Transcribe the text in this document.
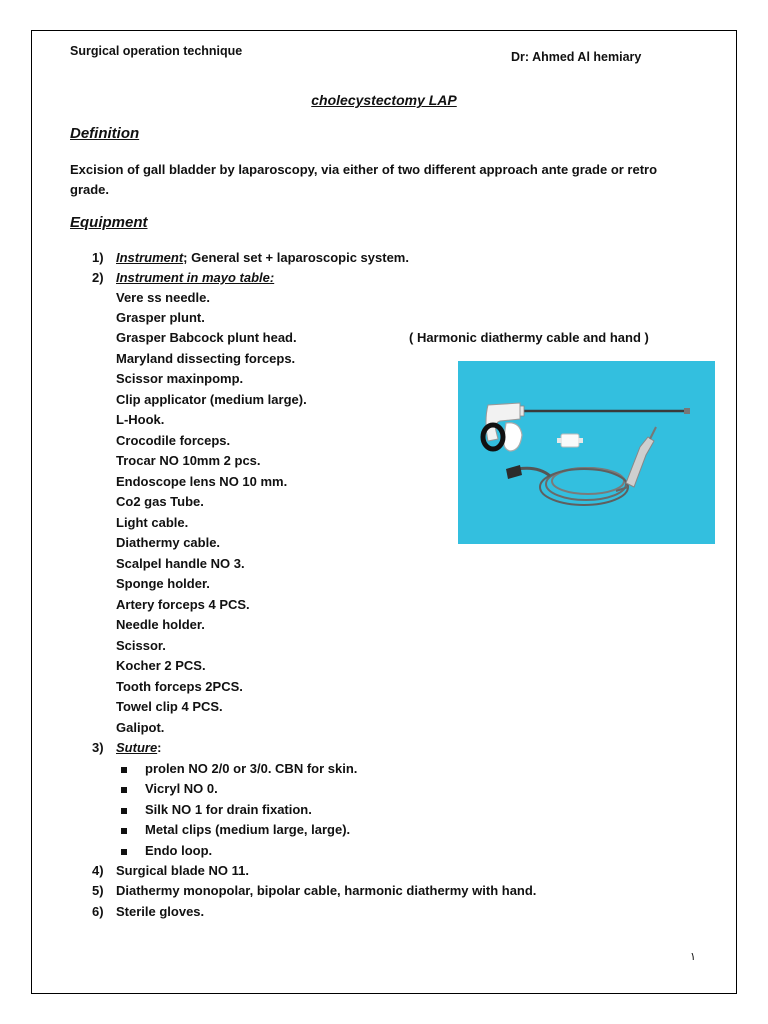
Surgical operation technique	Dr: Ahmed Al hemiary
cholecystectomy LAP
Definition
Excision of gall bladder by laparoscopy, via either of two different approach ante grade or retro grade.
Equipment
1) Instrument; General set + laparoscopic system.
2) Instrument in mayo table:
Vere ss needle.
Grasper plunt.
Grasper Babcock plunt head.
Maryland dissecting forceps.
Scissor maxinpomp.
Clip applicator (medium large).
L-Hook.
Crocodile forceps.
Trocar NO 10mm 2 pcs.
Endoscope lens NO 10 mm.
Co2 gas Tube.
Light cable.
Diathermy cable.
Scalpel handle NO 3.
Sponge holder.
Artery forceps 4 PCS.
Needle holder.
Scissor.
Kocher 2 PCS.
Tooth forceps 2PCS.
Towel clip 4 PCS.
Galipot.
( Harmonic diathermy cable and hand )
3) Suture:
prolen NO 2/0 or 3/0. CBN for skin.
Vicryl NO 0.
Silk NO 1 for drain fixation.
Metal clips (medium large, large).
Endo loop.
4) Surgical blade NO 11.
5) Diathermy monopolar, bipolar cable, harmonic diathermy with hand.
6) Sterile gloves.
١
